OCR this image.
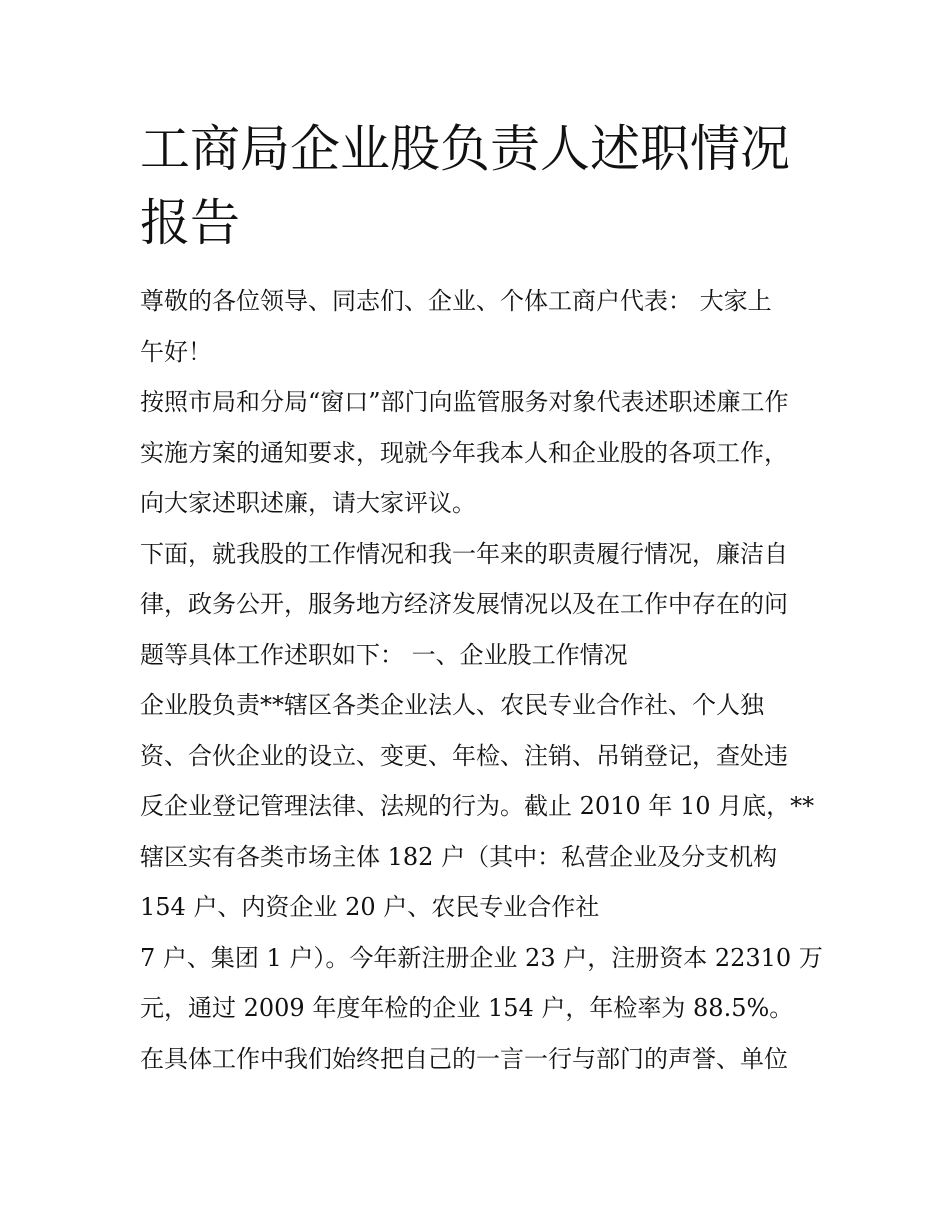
工商局企业股负责人述职情况
报告
尊敬的各位领导、同志们、企业、个体工商户代表： 大家上
午好！
按照市局和分局“窗口”部门向监管服务对象代表述职述廉工作
实施方案的通知要求，现就今年我本人和企业股的各项工作，
向大家述职述廉，请大家评议。
下面，就我股的工作情况和我一年来的职责履行情况，廉洁自
律，政务公开，服务地方经济发展情况以及在工作中存在的问
题等具体工作述职如下： 一、企业股工作情况
企业股负责**辖区各类企业法人、农民专业合作社、个人独
资、合伙企业的设立、变更、年检、注销、吊销登记，查处违
反企业登记管理法律、法规的行为。截止 2010 年 10 月底，**
辖区实有各类市场主体 182 户（其中：私营企业及分支机构
154 户、内资企业 20 户、农民专业合作社
7 户、集团 1 户）。今年新注册企业 23 户，注册资本 22310 万
元，通过 2009 年度年检的企业 154 户，年检率为 88.5%。
在具体工作中我们始终把自己的一言一行与部门的声誉、单位
